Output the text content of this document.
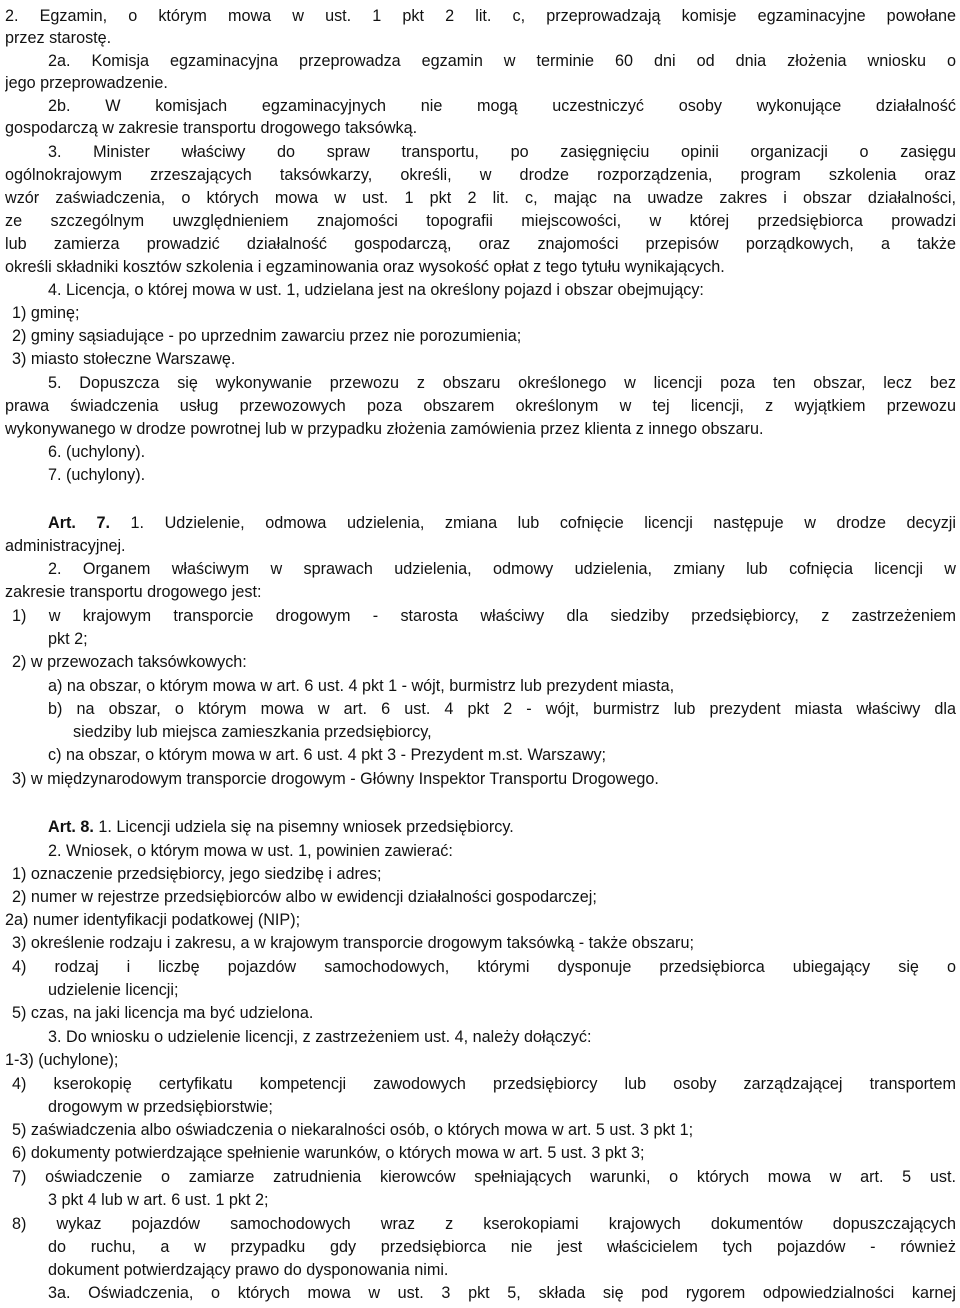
2. Egzamin, o którym mowa w ust. 1 pkt 2 lit. c, przeprowadzają komisje egzaminacyjne powołane
przez starostę.
2a. Komisja egzaminacyjna przeprowadza egzamin w terminie 60 dni od dnia złożenia wniosku o
jego przeprowadzenie.
2b. W komisjach egzaminacyjnych nie mogą uczestniczyć osoby wykonujące działalność
gospodarczą w zakresie transportu drogowego taksówką.
3. Minister właściwy do spraw transportu, po zasięgnięciu opinii organizacji o zasięgu
ogólnokrajowym zrzeszających taksówkarzy, określi, w drodze rozporządzenia, program szkolenia oraz
wzór zaświadczenia, o których mowa w ust. 1 pkt 2 lit. c, mając na uwadze zakres i obszar działalności,
ze szczególnym uwzględnieniem znajomości topografii miejscowości, w której przedsiębiorca prowadzi
lub zamierza prowadzić działalność gospodarczą, oraz znajomości przepisów porządkowych, a także
określi składniki kosztów szkolenia i egzaminowania oraz wysokość opłat z tego tytułu wynikających.
4. Licencja, o której mowa w ust. 1, udzielana jest na określony pojazd i obszar obejmujący:
1) gminę;
2) gminy sąsiadujące - po uprzednim zawarciu przez nie porozumienia;
3) miasto stołeczne Warszawę.
5. Dopuszcza się wykonywanie przewozu z obszaru określonego w licencji poza ten obszar, lecz bez
prawa świadczenia usług przewozowych poza obszarem określonym w tej licencji, z wyjątkiem przewozu
wykonywanego w drodze powrotnej lub w przypadku złożenia zamówienia przez klienta z innego obszaru.
6. (uchylony).
7. (uchylony).
Art. 7. 1. Udzielenie, odmowa udzielenia, zmiana lub cofnięcie licencji następuje w drodze decyzji
administracyjnej.
2. Organem właściwym w sprawach udzielenia, odmowy udzielenia, zmiany lub cofnięcia licencji w
zakresie transportu drogowego jest:
1) w krajowym transporcie drogowym - starosta właściwy dla siedziby przedsiębiorcy, z zastrzeżeniem
pkt 2;
2) w przewozach taksówkowych:
a) na obszar, o którym mowa w art. 6 ust. 4 pkt 1 - wójt, burmistrz lub prezydent miasta,
b) na obszar, o którym mowa w art. 6 ust. 4 pkt 2 - wójt, burmistrz lub prezydent miasta właściwy dla
siedziby lub miejsca zamieszkania przedsiębiorcy,
c) na obszar, o którym mowa w art. 6 ust. 4 pkt 3 - Prezydent m.st. Warszawy;
3) w międzynarodowym transporcie drogowym - Główny Inspektor Transportu Drogowego.
Art. 8. 1. Licencji udziela się na pisemny wniosek przedsiębiorcy.
2. Wniosek, o którym mowa w ust. 1, powinien zawierać:
1) oznaczenie przedsiębiorcy, jego siedzibę i adres;
2) numer w rejestrze przedsiębiorców albo w ewidencji działalności gospodarczej;
2a) numer identyfikacji podatkowej (NIP);
3) określenie rodzaju i zakresu, a w krajowym transporcie drogowym taksówką - także obszaru;
4) rodzaj i liczbę pojazdów samochodowych, którymi dysponuje przedsiębiorca ubiegający się o
udzielenie licencji;
5) czas, na jaki licencja ma być udzielona.
3. Do wniosku o udzielenie licencji, z zastrzeżeniem ust. 4, należy dołączyć:
1-3) (uchylone);
4) kserokopię certyfikatu kompetencji zawodowych przedsiębiorcy lub osoby zarządzającej transportem
drogowym w przedsiębiorstwie;
5) zaświadczenia albo oświadczenia o niekaralności osób, o których mowa w art. 5 ust. 3 pkt 1;
6) dokumenty potwierdzające spełnienie warunków, o których mowa w art. 5 ust. 3 pkt 3;
7) oświadczenie o zamiarze zatrudnienia kierowców spełniających warunki, o których mowa w art. 5 ust.
3 pkt 4 lub w art. 6 ust. 1 pkt 2;
8) wykaz pojazdów samochodowych wraz z kserokopiami krajowych dokumentów dopuszczających
do ruchu, a w przypadku gdy przedsiębiorca nie jest właścicielem tych pojazdów - również
dokument potwierdzający prawo do dysponowania nimi.
3a. Oświadczenia, o których mowa w ust. 3 pkt 5, składa się pod rygorem odpowiedzialności karnej
